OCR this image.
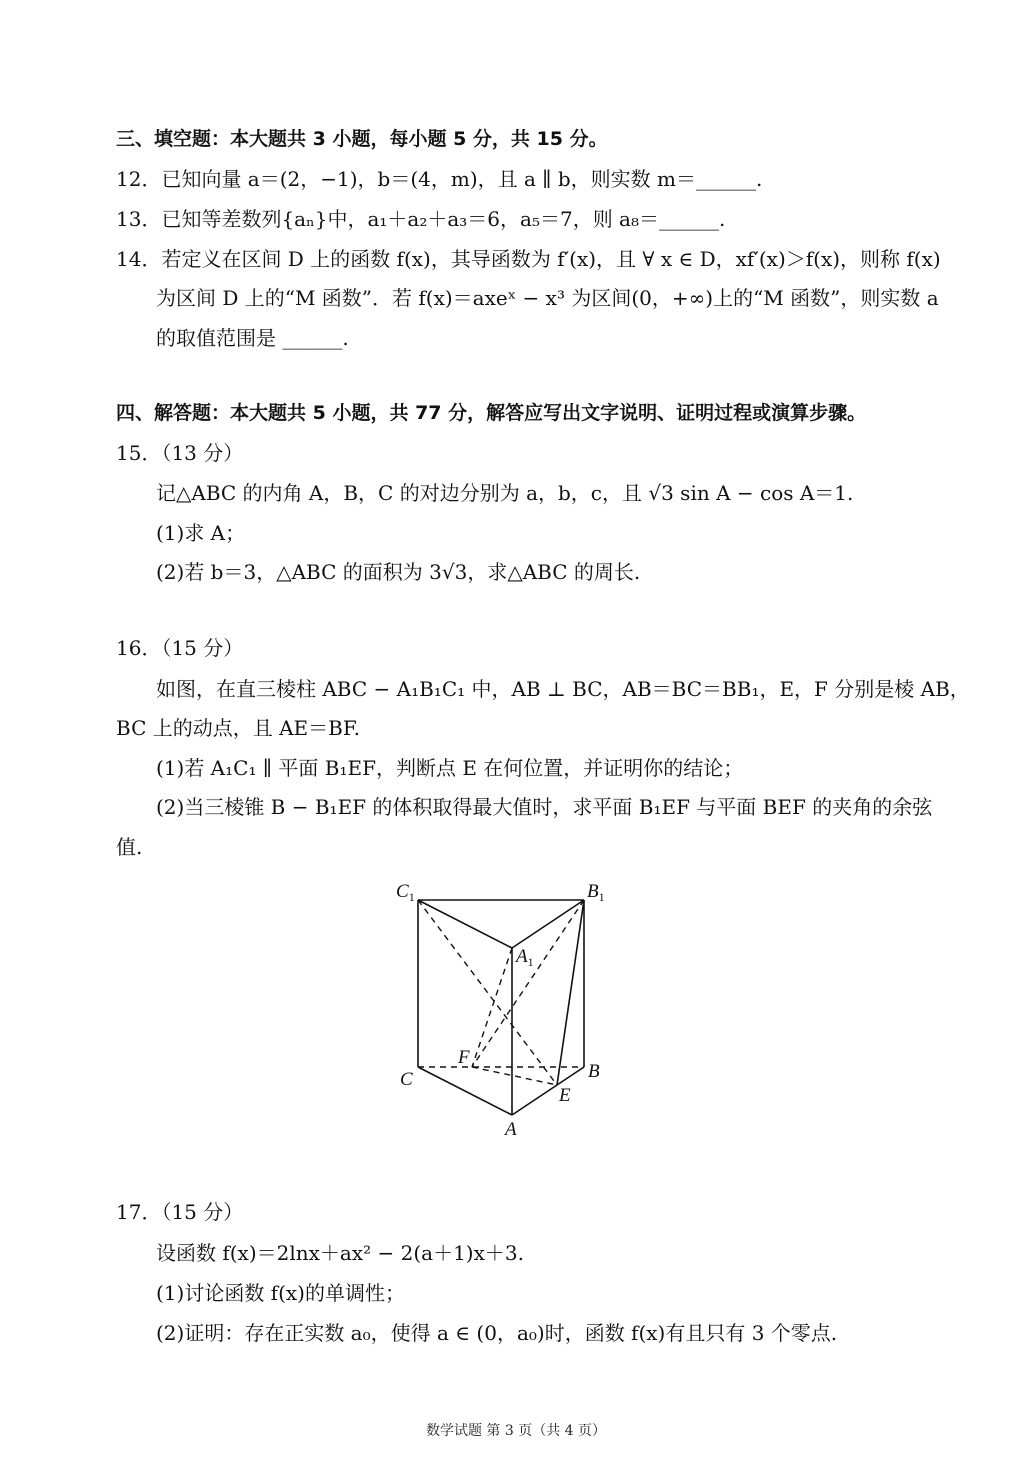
三、填空题：本大题共 3 小题，每小题 5 分，共 15 分。
12．已知向量 a＝(2，−1)，b＝(4，m)，且 a ∥ b，则实数 m＝______.
13．已知等差数列{aₙ}中，a₁＋a₂＋a₃＝6，a₅＝7，则 a₈＝______.
14．若定义在区间 D 上的函数 f(x)，其导函数为 f′(x)，且 ∀ x ∈ D，xf′(x)＞f(x)，则称 f(x)
为区间 D 上的“M 函数”．若 f(x)＝axeˣ − x³ 为区间(0，+∞)上的“M 函数”，则实数 a
的取值范围是 ______.
四、解答题：本大题共 5 小题，共 77 分，解答应写出文字说明、证明过程或演算步骤。
15．（13 分）
记△ABC 的内角 A，B，C 的对边分别为 a，b，c，且 √3 sin A − cos A＝1.
(1)求 A；
(2)若 b＝3，△ABC 的面积为 3√3，求△ABC 的周长.
16．（15 分）
如图，在直三棱柱 ABC − A₁B₁C₁ 中，AB ⊥ BC，AB＝BC＝BB₁，E，F 分别是棱 AB，
BC 上的动点，且 AE＝BF.
(1)若 A₁C₁ ∥ 平面 B₁EF，判断点 E 在何位置，并证明你的结论；
(2)当三棱锥 B − B₁EF 的体积取得最大值时，求平面 B₁EF 与平面 BEF 的夹角的余弦
值.
$C_1$	$B_1$
$A_1$
F
C	B
E
A
17．（15 分）
设函数 f(x)＝2lnx＋ax² − 2(a＋1)x＋3.
(1)讨论函数 f(x)的单调性；
(2)证明：存在正实数 a₀，使得 a ∈ (0，a₀)时，函数 f(x)有且只有 3 个零点.
数学试题 第 3 页（共 4 页）
